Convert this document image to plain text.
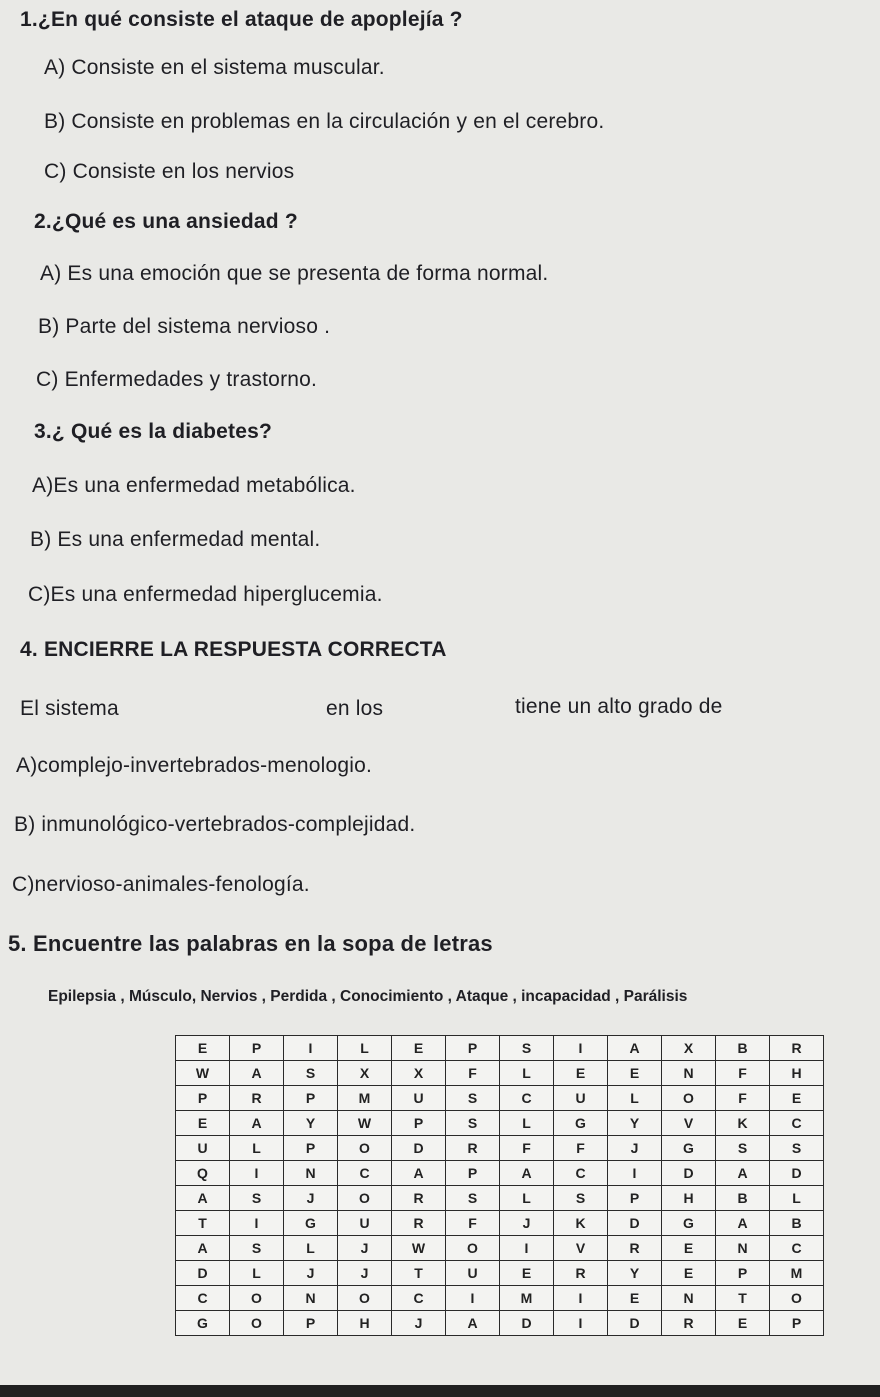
1.¿En qué consiste el ataque de apoplejía ?
A) Consiste en el sistema muscular.
B) Consiste en problemas en la circulación y en el cerebro.
C) Consiste en los nervios
2.¿Qué es una ansiedad ?
A) Es una emoción que se presenta de forma normal.
B) Parte del sistema nervioso .
C) Enfermedades y trastorno.
3.¿ Qué es la diabetes?
A)Es una enfermedad metabólica.
B) Es una enfermedad mental.
C)Es una enfermedad hiperglucemia.
4. ENCIERRE LA RESPUESTA CORRECTA
El sistema	en los	tiene un alto grado de
A)complejo-invertebrados-menologio.
B) inmunológico-vertebrados-complejidad.
C)nervioso-animales-fenología.
5. Encuentre las palabras en la sopa de letras
Epilepsia , Músculo, Nervios , Perdida , Conocimiento , Ataque , incapacidad , Parálisis
E	P	I	L	E	P	S	I	A	X	B	R
W	A	S	X	X	F	L	E	E	N	F	H
P	R	P	M	U	S	C	U	L	O	F	E
E	A	Y	W	P	S	L	G	Y	V	K	C
U	L	P	O	D	R	F	F	J	G	S	S
Q	I	N	C	A	P	A	C	I	D	A	D
A	S	J	O	R	S	L	S	P	H	B	L
T	I	G	U	R	F	J	K	D	G	A	B
A	S	L	J	W	O	I	V	R	E	N	C
D	L	J	J	T	U	E	R	Y	E	P	M
C	O	N	O	C	I	M	I	E	N	T	O
G	O	P	H	J	A	D	I	D	R	E	P
